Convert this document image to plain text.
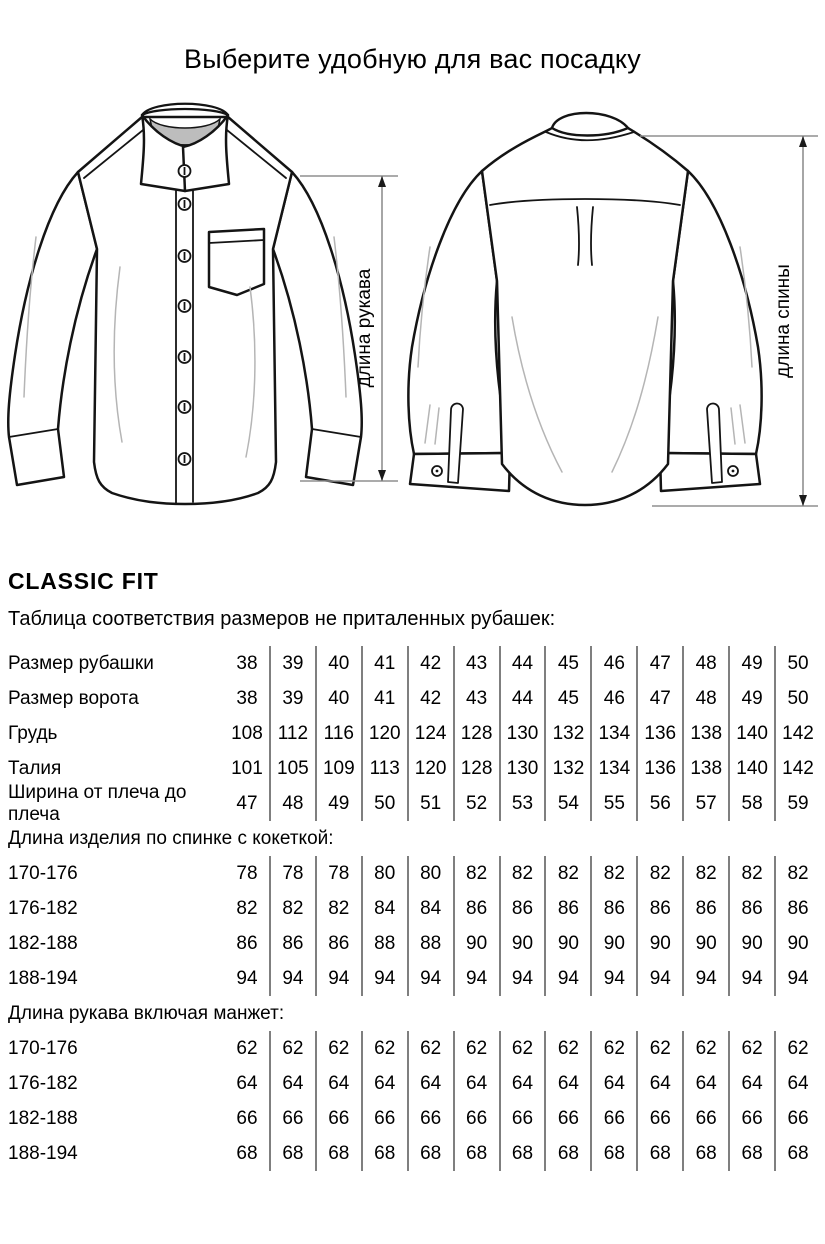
Выберите удобную для вас посадку
длина рукава	длина спины
CLASSIC FIT
Таблица соответствия размеров не приталенных рубашек:
Размер рубашки	38	39	40	41	42	43	44	45	46	47	48	49	50
Размер ворота	38	39	40	41	42	43	44	45	46	47	48	49	50
Грудь	108 112 116 120 124 128 130 132 134 136 138 140 142
Талия	101 105 109 113 120 128 130 132 134 136 138 140 142
Ширина от плеча до плеча
47	48	49	50	51	52	53	54	55	56	57	58	59
Длина изделия по спинке с кокеткой:
170-176	78	78	78	80	80	82	82	82	82	82	82	82	82
176-182	82	82	82	84	84	86	86	86	86	86	86	86	86
182-188	86	86	86	88	88	90	90	90	90	90	90	90	90
188-194	94	94	94	94	94	94	94	94	94	94	94	94	94
Длина рукава включая манжет:
170-176	62	62	62	62	62	62	62	62	62	62	62	62	62
176-182	64	64	64	64	64	64	64	64	64	64	64	64	64
182-188	66	66	66	66	66	66	66	66	66	66	66	66	66
188-194	68	68	68	68	68	68	68	68	68	68	68	68	68
